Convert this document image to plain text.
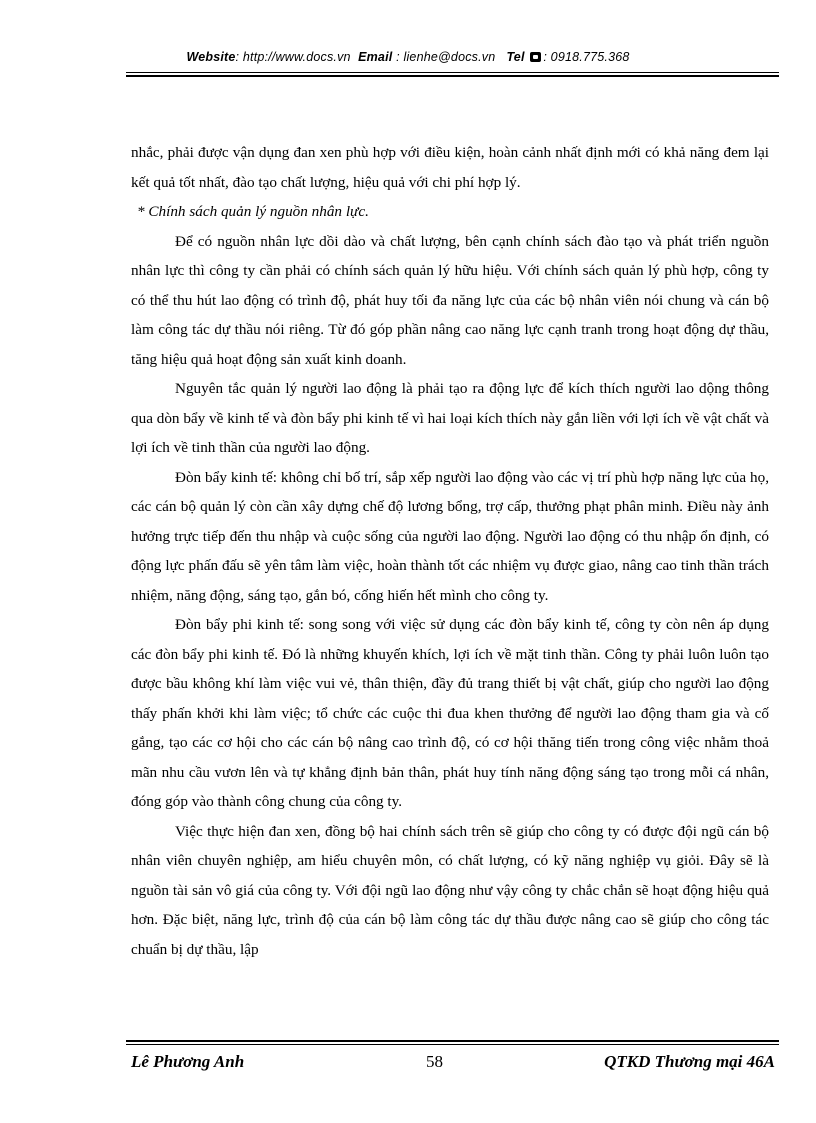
Website: http://www.docs.vn Email : lienhe@docs.vn Tel : 0918.775.368

nhắc, phải được vận dụng đan xen phù hợp với điều kiện, hoàn cảnh nhất định mới có khả năng đem lại kết quả tốt nhất, đào tạo chất lượng, hiệu quả với chi phí hợp lý.

* Chính sách quản lý nguồn nhân lực.

Để có nguồn nhân lực dồi dào và chất lượng, bên cạnh chính sách đào tạo và phát triển nguồn nhân lực thì công ty cần phải có chính sách quản lý hữu hiệu. Với chính sách quản lý phù hợp, công ty có thể thu hút lao động có trình độ, phát huy tối đa năng lực của các bộ nhân viên nói chung và cán bộ làm công tác dự thầu nói riêng. Từ đó góp phần nâng cao năng lực cạnh tranh trong hoạt động dự thầu, tăng hiệu quả hoạt động sản xuất kinh doanh.

Nguyên tắc quản lý người lao động là phải tạo ra động lực để kích thích người lao dộng thông qua dòn bẩy về kinh tế và đòn bẩy phi kinh tế vì hai loại kích thích này gắn liền với lợi ích về vật chất và lợi ích về tinh thần của người lao động.

Đòn bẩy kinh tế: không chỉ bố trí, sắp xếp người lao động vào các vị trí phù hợp năng lực của họ, các cán bộ quản lý còn cần xây dựng chế độ lương bổng, trợ cấp, thưởng phạt phân minh. Điều này ảnh hưởng trực tiếp đến thu nhập và cuộc sống của người lao động. Người lao động có thu nhập ổn định, có động lực phấn đấu sẽ yên tâm làm việc, hoàn thành tốt các nhiệm vụ được giao, nâng cao tinh thần trách nhiệm, năng động, sáng tạo, gắn bó, cống hiến hết mình cho công ty.

Đòn bẩy phi kinh tế: song song với việc sử dụng các đòn bẩy kinh tế, công ty còn nên áp dụng các đòn bẩy phi kinh tế. Đó là những khuyến khích, lợi ích về mặt tinh thần. Công ty phải luôn luôn tạo được bầu không khí làm việc vui vẻ, thân thiện, đầy đủ trang thiết bị vật chất, giúp cho người lao động thấy phấn khởi khi làm việc; tổ chức các cuộc thi đua khen thưởng để người lao động tham gia và cố gắng, tạo các cơ hội cho các cán bộ nâng cao trình độ, có cơ hội thăng tiến trong công việc nhằm thoả mãn nhu cầu vươn lên và tự khẳng định bản thân, phát huy tính năng động sáng tạo trong mỗi cá nhân, đóng góp vào thành công chung của công ty.

Việc thực hiện đan xen, đồng bộ hai chính sách trên sẽ giúp cho công ty có được đội ngũ cán bộ nhân viên chuyên nghiệp, am hiểu chuyên môn, có chất lượng, có kỹ năng nghiệp vụ giỏi. Đây sẽ là nguồn tài sản vô giá của công ty. Với đội ngũ lao động như vậy công ty chắc chắn sẽ hoạt động hiệu quả hơn. Đặc biệt, năng lực, trình độ của cán bộ làm công tác dự thầu được nâng cao sẽ giúp cho công tác chuẩn bị dự thầu, lập

Lê Phương Anh	58	QTKD Thương mại 46A
